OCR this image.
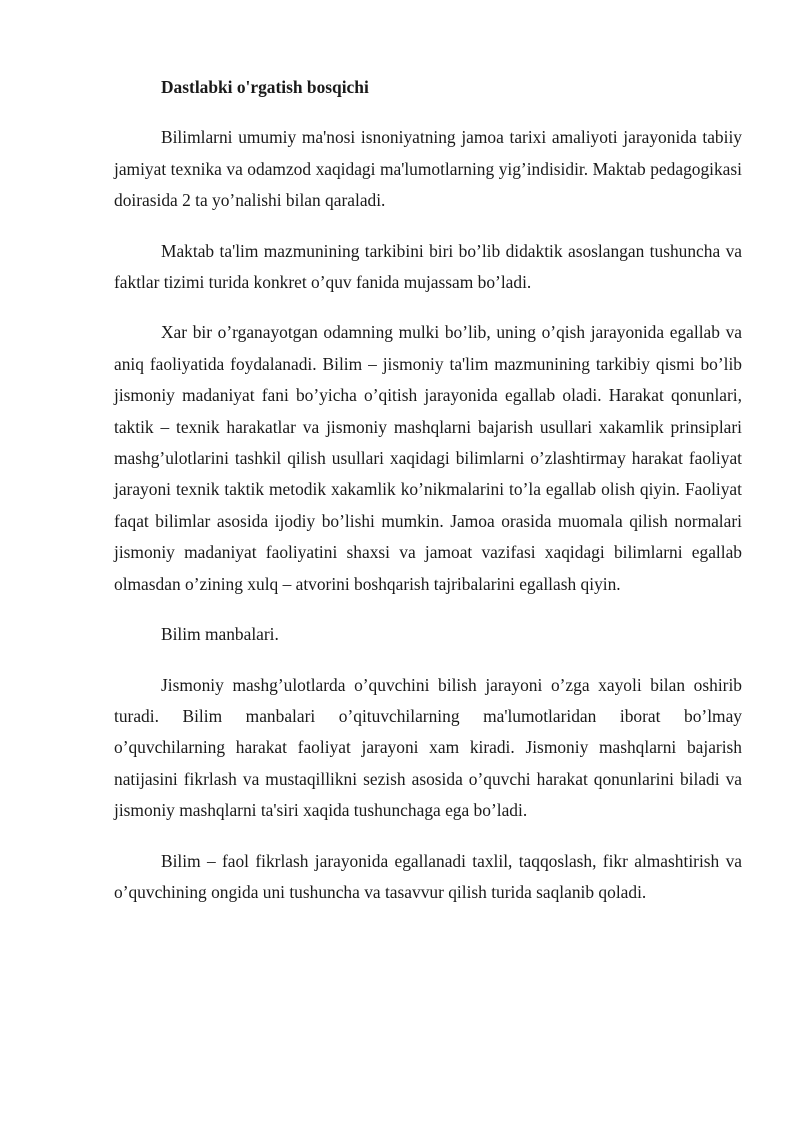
Dastlabki o'rgatish bosqichi

Bilimlarni umumiy ma'nosi isnoniyatning jamoa tarixi amaliyoti jarayonida tabiiy jamiyat texnika va odamzod xaqidagi ma'lumotlarning yig’indisidir. Maktab pedagogikasi doirasida 2 ta yo’nalishi bilan qaraladi.

Maktab ta'lim mazmunining tarkibini biri bo’lib didaktik asoslangan tushuncha va faktlar tizimi turida konkret o’quv fanida mujassam bo’ladi.

Xar bir o’rganayotgan odamning mulki bo’lib, uning o’qish jarayonida egallab va aniq faoliyatida foydalanadi. Bilim – jismoniy ta'lim mazmunining tarkibiy qismi bo’lib jismoniy madaniyat fani bo’yicha o’qitish jarayonida egallab oladi. Harakat qonunlari, taktik – texnik harakatlar va jismoniy mashqlarni bajarish usullari xakamlik prinsiplari mashg’ulotlarini tashkil qilish usullari xaqidagi bilimlarni o’zlashtirmay harakat faoliyat jarayoni texnik taktik metodik xakamlik ko’nikmalarini to’la egallab olish qiyin. Faoliyat faqat bilimlar asosida ijodiy bo’lishi mumkin. Jamoa orasida muomala qilish normalari jismoniy madaniyat faoliyatini shaxsi va jamoat vazifasi xaqidagi bilimlarni egallab olmasdan o’zining xulq – atvorini boshqarish tajribalarini egallash qiyin.

Bilim manbalari.

Jismoniy mashg’ulotlarda o’quvchini bilish jarayoni o’zga xayoli bilan oshirib turadi. Bilim manbalari o’qituvchilarning ma'lumotlaridan iborat bo’lmay o’quvchilarning harakat faoliyat jarayoni xam kiradi. Jismoniy mashqlarni bajarish natijasini fikrlash va mustaqillikni sezish asosida o’quvchi harakat qonunlarini biladi va jismoniy mashqlarni ta'siri xaqida tushunchaga ega bo’ladi.

Bilim – faol fikrlash jarayonida egallanadi taxlil, taqqoslash, fikr almashtirish va o’quvchining ongida uni tushuncha va tasavvur qilish turida saqlanib qoladi.
